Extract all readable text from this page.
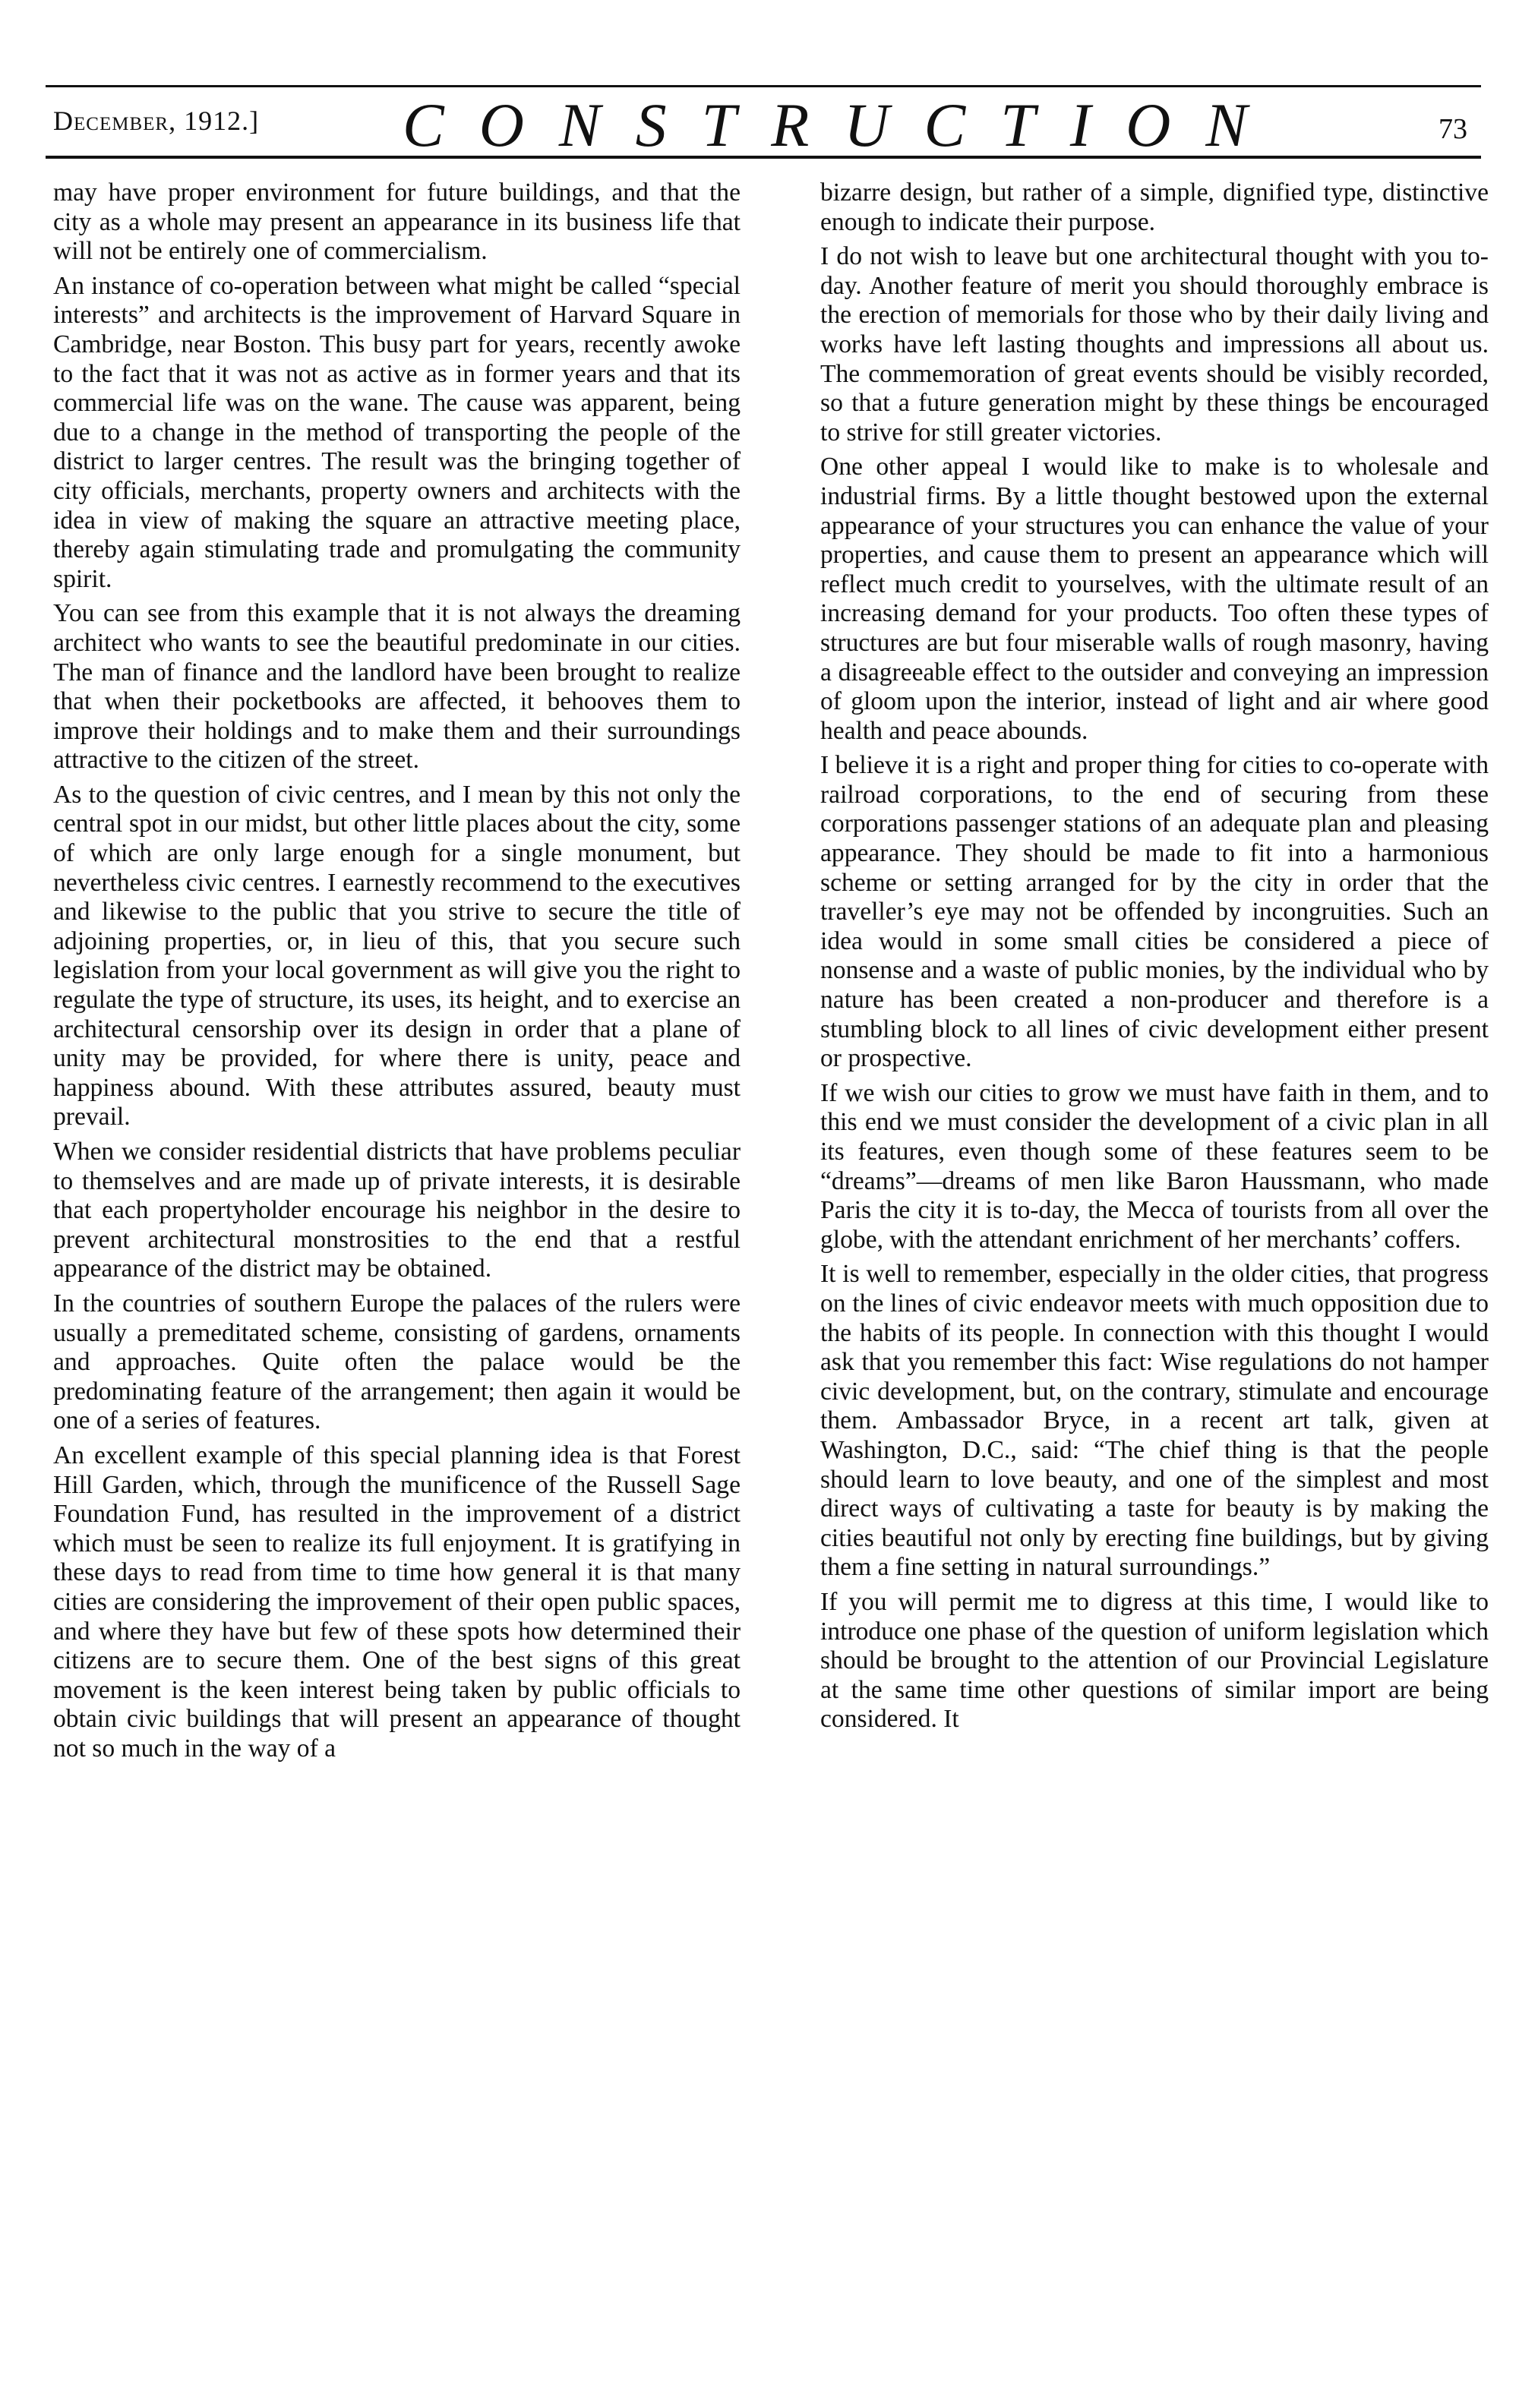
December, 1912.] CONSTRUCTION	73

may have proper environment for future buildings, and that the city as a whole may present an appearance in its business life that will not be entirely one of commercialism.

An instance of co-operation between what might be called “special interests” and architects is the improvement of Harvard Square in Cambridge, near Boston. This busy part for years, recently awoke to the fact that it was not as active as in former years and that its commercial life was on the wane. The cause was apparent, being due to a change in the method of transporting the people of the district to larger centres. The result was the bringing together of city officials, merchants, property owners and architects with the idea in view of making the square an attractive meeting place, thereby again stimulating trade and promulgating the community spirit.

You can see from this example that it is not always the dreaming architect who wants to see the beautiful predominate in our cities. The man of finance and the landlord have been brought to realize that when their pocketbooks are affected, it behooves them to improve their holdings and to make them and their surroundings attractive to the citizen of the street.

As to the question of civic centres, and I mean by this not only the central spot in our midst, but other little places about the city, some of which are only large enough for a single monument, but nevertheless civic centres. I earnestly recommend to the executives and likewise to the public that you strive to secure the title of adjoining properties, or, in lieu of this, that you secure such legislation from your local government as will give you the right to regulate the type of structure, its uses, its height, and to exercise an architectural censorship over its design in order that a plane of unity may be provided, for where there is unity, peace and happiness abound. With these attributes assured, beauty must prevail.

When we consider residential districts that have problems peculiar to themselves and are made up of private interests, it is desirable that each propertyholder encourage his neighbor in the desire to prevent architectural monstrosities to the end that a restful appearance of the district may be obtained.

In the countries of southern Europe the palaces of the rulers were usually a premeditated scheme, consisting of gardens, ornaments and approaches. Quite often the palace would be the predominating feature of the arrangement; then again it would be one of a series of features.

An excellent example of this special planning idea is that Forest Hill Garden, which, through the munificence of the Russell Sage Foundation Fund, has resulted in the improvement of a district which must be seen to realize its full enjoyment. It is gratifying in these days to read from time to time how general it is that many cities are considering the improvement of their open public spaces, and where they have but few of these spots how determined their citizens are to secure them. One of the best signs of this great movement is the keen interest being taken by public officials to obtain civic buildings that will present an appearance of thought not so much in the way of a

bizarre design, but rather of a simple, dignified type, distinctive enough to indicate their purpose.

I do not wish to leave but one architectural thought with you to-day. Another feature of merit you should thoroughly embrace is the erection of memorials for those who by their daily living and works have left lasting thoughts and impressions all about us. The commemoration of great events should be visibly recorded, so that a future generation might by these things be encouraged to strive for still greater victories.

One other appeal I would like to make is to wholesale and industrial firms. By a little thought bestowed upon the external appearance of your structures you can enhance the value of your properties, and cause them to present an appearance which will reflect much credit to yourselves, with the ultimate result of an increasing demand for your products. Too often these types of structures are but four miserable walls of rough masonry, having a disagreeable effect to the outsider and conveying an impression of gloom upon the interior, instead of light and air where good health and peace abounds.

I believe it is a right and proper thing for cities to co-operate with railroad corporations, to the end of securing from these corporations passenger stations of an adequate plan and pleasing appearance. They should be made to fit into a harmonious scheme or setting arranged for by the city in order that the traveller’s eye may not be offended by incongruities. Such an idea would in some small cities be considered a piece of nonsense and a waste of public monies, by the individual who by nature has been created a non-producer and therefore is a stumbling block to all lines of civic development either present or prospective.

If we wish our cities to grow we must have faith in them, and to this end we must consider the development of a civic plan in all its features, even though some of these features seem to be “dreams”—dreams of men like Baron Haussmann, who made Paris the city it is to-day, the Mecca of tourists from all over the globe, with the attendant enrichment of her merchants’ coffers.

It is well to remember, especially in the older cities, that progress on the lines of civic endeavor meets with much opposition due to the habits of its people. In connection with this thought I would ask that you remember this fact: Wise regulations do not hamper civic development, but, on the contrary, stimulate and encourage them. Ambassador Bryce, in a recent art talk, given at Washington, D.C., said: “The chief thing is that the people should learn to love beauty, and one of the simplest and most direct ways of cultivating a taste for beauty is by making the cities beautiful not only by erecting fine buildings, but by giving them a fine setting in natural surroundings.”

If you will permit me to digress at this time, I would like to introduce one phase of the question of uniform legislation which should be brought to the attention of our Provincial Legislature at the same time other questions of similar import are being considered. It
